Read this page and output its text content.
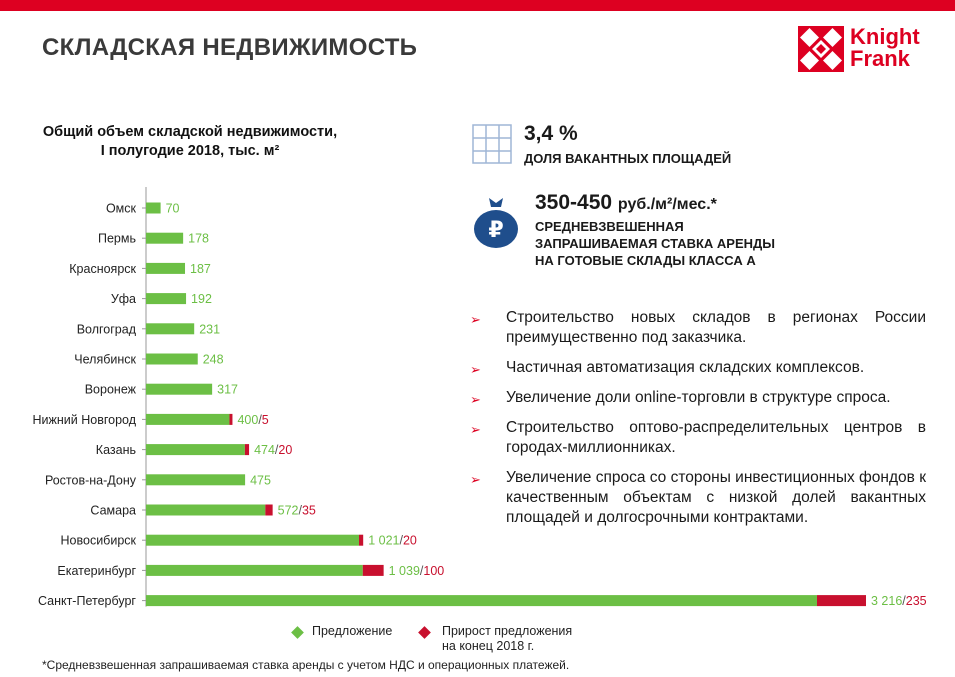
СКЛАДСКАЯ НЕДВИЖИМОСТЬ	Knight
Frank
Общий объем складской недвижимости,
I полугодие 2018, тыс. м²
Омск 70
Пермь	178
Красноярск	187
Уфа	192
Волгоград	231
Челябинск	248
Воронеж	317
Нижний Новгород	400/5
Казань	474/20
Ростов-на-Дону	475
Самара	572/35
Новосибирск	1 021/20
Екатеринбург	1 039/100
Санкт-Петербург	3 216/235
Предложение	Прирост предложения
на конец 2018 г.
3,4 %
ДОЛЯ ВАКАНТНЫХ ПЛОЩАДЕЙ
₽
350-450 руб./м²/мес.*
СРЕДНЕВЗВЕШЕННАЯ
ЗАПРАШИВАЕМАЯ СТАВКА АРЕНДЫ
НА ГОТОВЫЕ СКЛАДЫ КЛАССА А
➢ Строительство новых складов в регионах России преимущественно под заказчика.
➢ Частичная автоматизация складских комплексов.
➢ Увеличение доли online-торговли в структуре спроса.
➢ Строительство оптово-распределительных центров в городах-миллионниках.
➢ Увеличение спроса со стороны инвестиционных фондов к качественным объектам с низкой долей вакантных площадей и долгосрочными контрактами.
*Средневзвешенная запрашиваемая ставка аренды с учетом НДС и операционных платежей.
